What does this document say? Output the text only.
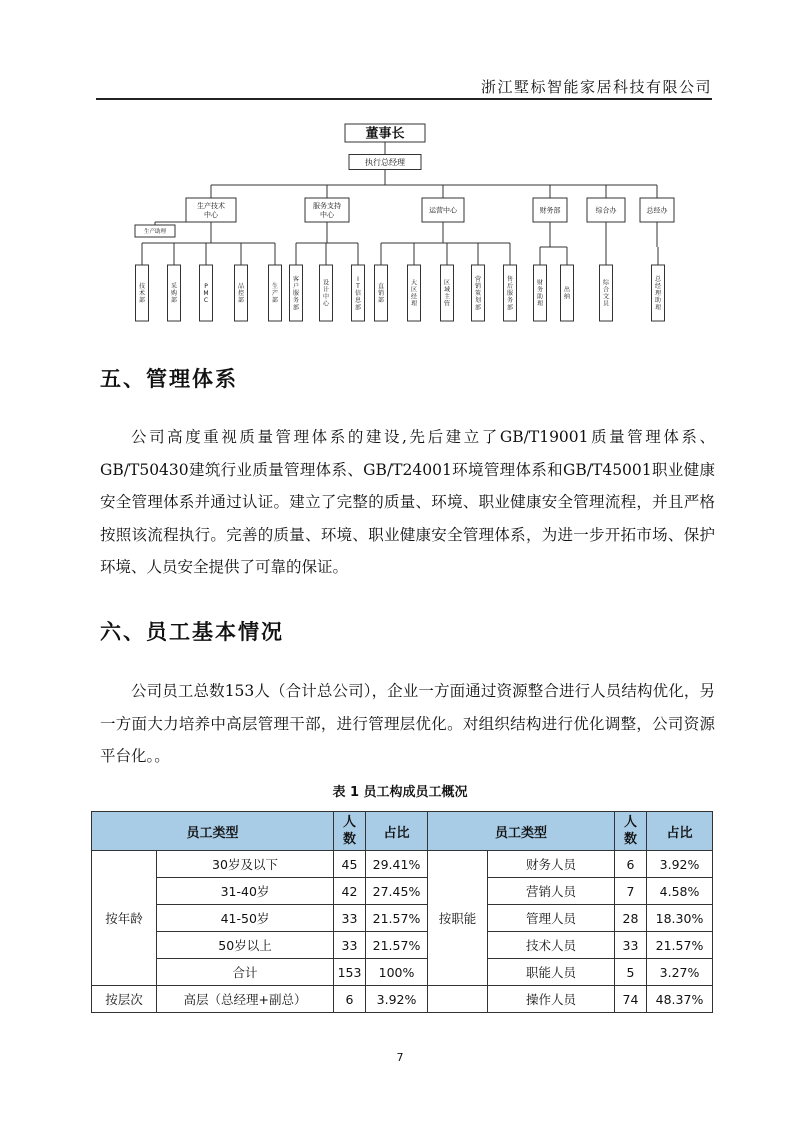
浙江墅标智能家居科技有限公司
董事长
执行总经理
生产技术中心
技术部
采购部
P M C
品控部
生产部
服务支持中心
客户服务部
设计中心
I T 信息部
运营中心
直销部
大区经理
区域主管
营销策划部
售后服务部
财务部
财务助理
出纳
综合办
综合文员
总经办
总经理助理
生产助理
五、管理体系
公司高度重视质量管理体系的建设,先后建立了GB/T19001质量管理体系、GB/T50430建筑行业质量管理体系、GB/T24001环境管理体系和GB/T45001职业健康安全管理体系并通过认证。建立了完整的质量、环境、职业健康安全管理流程，并且严格按照该流程执行。完善的质量、环境、职业健康安全管理体系，为进一步开拓市场、保护环境、人员安全提供了可靠的保证。
六、员工基本情况
公司员工总数153人（合计总公司），企业一方面通过资源整合进行人员结构优化，另一方面大力培养中高层管理干部，进行管理层优化。对组织结构进行优化调整，公司资源平台化。。
表 1 员工构成员工概况
员工类型		人数	占比	员工类型		人数	占比
按年龄	30岁及以下	45	29.41%	按职能	财务人员	6	3.92%
	31-40岁	42	27.45%		营销人员	7	4.58%
	41-50岁	33	21.57%		管理人员	28	18.30%
	50岁以上	33	21.57%		技术人员	33	21.57%
	合计	153	100%		职能人员	5	3.27%
按层次	高层（总经理+副总）	6	3.92%		操作人员	74	48.37%
7
